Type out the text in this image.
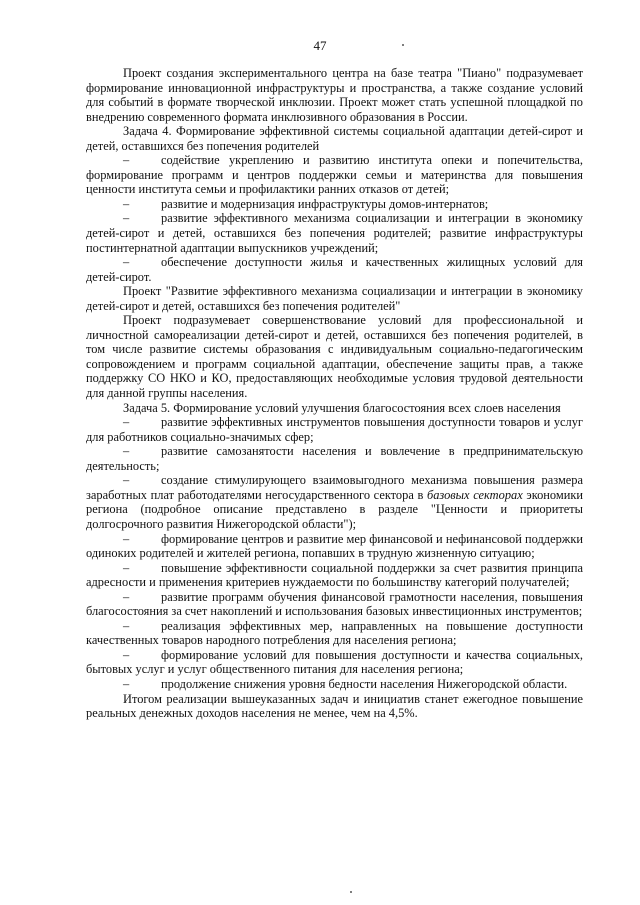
47

Проект создания экспериментального центра на базе театра "Пиано" подразумевает формирование инновационной инфраструктуры и пространства, а также создание условий для событий в формате творческой инклюзии. Проект может стать успешной площадкой по внедрению современного формата инклюзивного образования в России.

Задача 4. Формирование эффективной системы социальной адаптации детей-сирот и детей, оставшихся без попечения родителей

–	содействие укреплению и развитию института опеки и попечительства, формирование программ и центров поддержки семьи и материнства для повышения ценности института семьи и профилактики ранних отказов от детей;

–	развитие и модернизация инфраструктуры домов-интернатов;

–	развитие эффективного механизма социализации и интеграции в экономику детей-сирот и детей, оставшихся без попечения родителей; развитие инфраструктуры постинтернатной адаптации выпускников учреждений;

–	обеспечение доступности жилья и качественных жилищных условий для детей-сирот.

Проект "Развитие эффективного механизма социализации и интеграции в экономику детей-сирот и детей, оставшихся без попечения родителей"

Проект подразумевает совершенствование условий для профессиональной и личностной самореализации детей-сирот и детей, оставшихся без попечения родителей, в том числе развитие системы образования с индивидуальным социально-педагогическим сопровождением и программ социальной адаптации, обеспечение защиты прав, а также поддержку СО НКО и КО, предоставляющих необходимые условия трудовой деятельности для данной группы населения.

Задача 5. Формирование условий улучшения благосостояния всех слоев населения

–	развитие эффективных инструментов повышения доступности товаров и услуг для работников социально-значимых сфер;

–	развитие самозанятости населения и вовлечение в предпринимательскую деятельность;

–	создание стимулирующего взаимовыгодного механизма повышения размера заработных плат работодателями негосударственного сектора в базовых секторах экономики региона (подробное описание представлено в разделе "Ценности и приоритеты долгосрочного развития Нижегородской области");

–	формирование центров и развитие мер финансовой и нефинансовой поддержки одиноких родителей и жителей региона, попавших в трудную жизненную ситуацию;

–	повышение эффективности социальной поддержки за счет развития принципа адресности и применения критериев нуждаемости по большинству категорий получателей;

–	развитие программ обучения финансовой грамотности населения, повышения благосостояния за счет накоплений и использования базовых инвестиционных инструментов;

–	реализация эффективных мер, направленных на повышение доступности качественных товаров народного потребления для населения региона;

–	формирование условий для повышения доступности и качества социальных, бытовых услуг и услуг общественного питания для населения региона;

–	продолжение снижения уровня бедности населения Нижегородской области.

Итогом реализации вышеуказанных задач и инициатив станет ежегодное повышение реальных денежных доходов населения не менее, чем на 4,5%.
